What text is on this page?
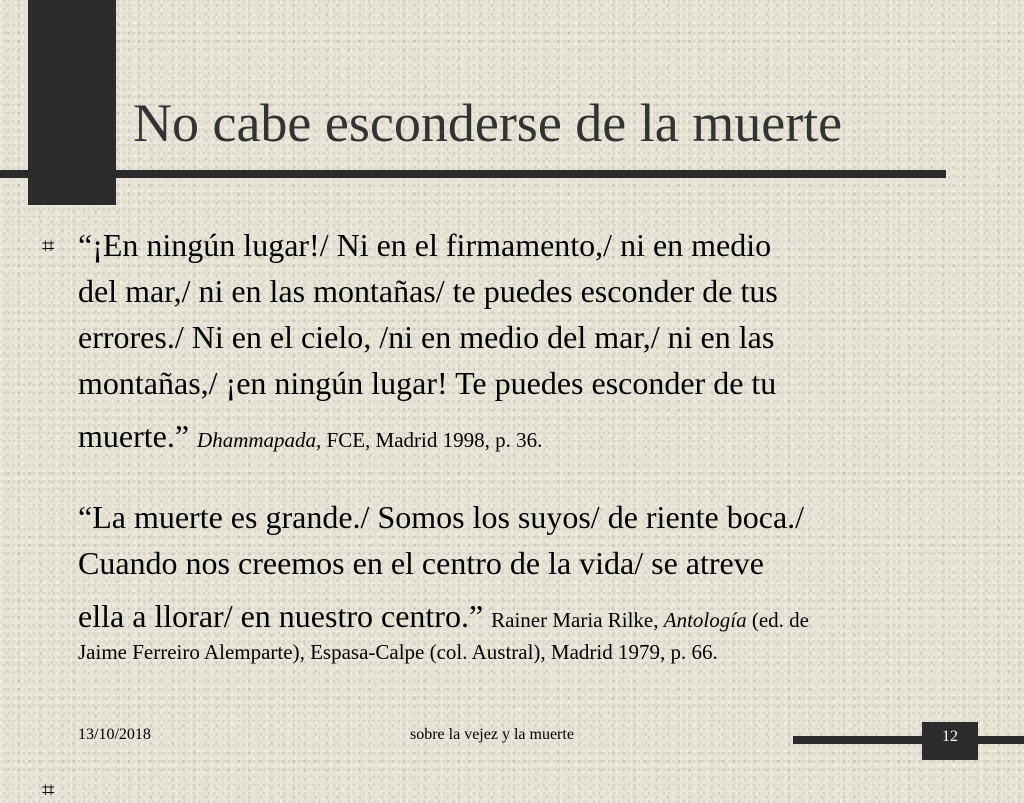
No cabe esconderse de la muerte
⌗ “¡En ningún lugar!/ Ni en el firmamento,/ ni en medio
del mar,/ ni en las montañas/ te puedes esconder de tus
errores./ Ni en el cielo, /ni en medio del mar,/ ni en las
montañas,/ ¡en ningún lugar! Te puedes esconder de tu
muerte.” Dhammapada, FCE, Madrid 1998, p. 36.
⌗
“La muerte es grande./ Somos los suyos/ de riente boca./
Cuando nos creemos en el centro de la vida/ se atreve
ella a llorar/ en nuestro centro.” Rainer Maria Rilke, Antología (ed. de
Jaime Ferreiro Alemparte), Espasa-Calpe (col. Austral), Madrid 1979, p. 66.
13/10/2018	sobre la vejez y la muerte	12
